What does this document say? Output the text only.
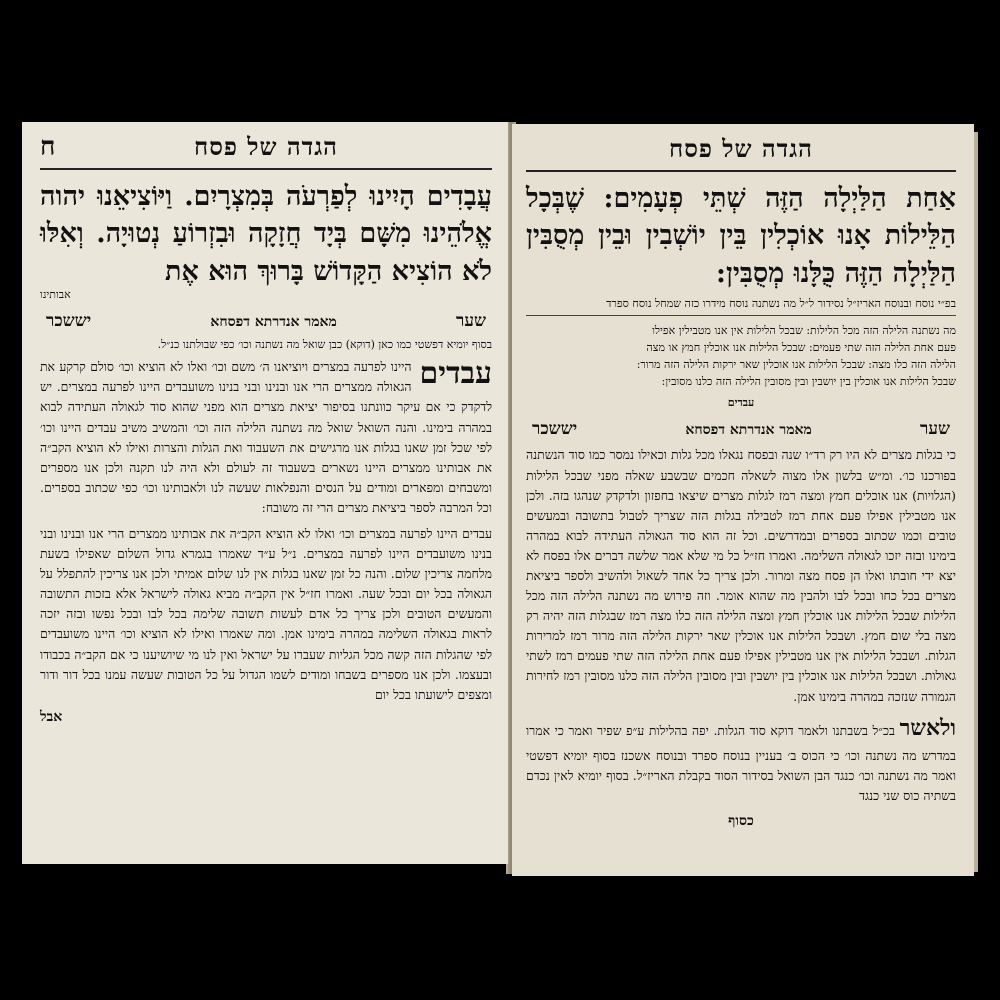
הגדה של פסח
ח

עֲבָדִים הָיִינוּ לְפַרְעֹה בְּמִצְרָיִם. וַיּוֹצִיאֵנוּ יהוה אֱלֹהֵינוּ מִשָּׁם בְּיָד חֲזָקָה וּבִזְרוֹעַ נְטוּיָה. וְאִלּוּ לֹא הוֹצִיא הַקָּדוֹשׁ בָּרוּךְ הוּא אֶת

אבותינו
שער
מאמר אנדרתא דפסחא
יששכר

בסוף יומיא דפשטי כמו כאן (דוקא) כבן שואל מה נשתנה וכו׳ כפי שבולתנו כנ״ל.

עבדים
היינו לפרעה במצרים ויוציאנו ה׳ משם וכו׳ ואלו לא הוציא וכו׳ סולם קרקע את הגאולה ממצרים הרי אנו ובנינו ובני בנינו משועבדים היינו לפרעה במצרים. יש לדקדק כי אם עיקר כוונתנו בסיפור יציאת מצרים הוא מפני שהוא סוד לגאולה העתידה לבוא במהרה בימינו. והנה השואל שואל מה נשתנה הלילה הזה וכו׳ והמשיב משיב עבדים היינו וכו׳ לפי שכל זמן שאנו בגלות אנו מרגישים את השעבוד ואת הגלות והצרות ואילו לא הוציא הקב״ה את אבותינו ממצרים היינו נשארים בשעבוד זה לעולם ולא היה לנו תקנה ולכן אנו מספרים ומשבחים ומפארים ומודים על הנסים והנפלאות שעשה לנו ולאבותינו וכו׳ כפי שכתוב בספרים. וכל המרבה לספר ביציאת מצרים הרי זה משובח:

עבדים היינו לפרעה במצרים וכו׳ ואלו לא הוציא הקב״ה את אבותינו ממצרים הרי אנו ובנינו ובני בנינו משועבדים היינו לפרעה במצרים. נ״ל ע״ד שאמרו בגמרא גדול השלום שאפילו בשעת מלחמה צריכין שלום. והנה כל זמן שאנו בגלות אין לנו שלום אמיתי ולכן אנו צריכין להתפלל על הגאולה בכל יום ובכל שעה. ואמרו חז״ל אין הקב״ה מביא גאולה לישראל אלא בזכות התשובה והמעשים הטובים ולכן צריך כל אדם לעשות תשובה שלימה בכל לבו ובכל נפשו ובזה יזכה לראות בגאולה השלימה במהרה בימינו אמן. ומה שאמרו ואילו לא הוציא וכו׳ היינו משועבדים לפי שהגלות הזה קשה מכל הגליות שעברו על ישראל ואין לנו מי שיושיענו כי אם הקב״ה בכבודו ובעצמו. ולכן אנו מספרים בשבחו ומודים לשמו הגדול על כל הטובות שעשה עמנו בכל דור ודור ומצפים לישועתו בכל יום

אבל
הגדה של פסח

אַחַת הַלַּיְלָה הַזֶּה שְׁתֵּי פְעָמִים: שֶׁבְּכָל הַלֵּילוֹת אָנוּ אוֹכְלִין בֵּין יוֹשְׁבִין וּבֵין מְסֻבִּין הַלַּיְלָה הַזֶּה כֻּלָּנוּ מְסֻבִּין:

בפ״י נוסח ובנוסח האריז״ל נסידור ל״ל מה נשתנה נוסח מידרו כזה שמחל נוסח ספרד

מה נשתנה הלילה הזה מכל הלילות: שבכל הלילות אין אנו מטבילין אפילו
פעם אחת הלילה הזה שתי פעמים: שבכל הלילות אנו אוכלין חמץ או מצה
הלילה הזה כלו מצה: שבכל הלילות אנו אוכלין שאר ירקות הלילה הזה מרור:
שבכל הלילות אנו אוכלין בין יושבין ובין מסובין הלילה הזה כלנו מסובין:
עבדים
שער
מאמר אנדרתא דפסחא
יששכר

כי בגלות מצרים לא היו רק רד״ו שנה ובפסח נגאלו מכל גלות וכאילו נמסר כמו סוד הנשתנה בפורכנו כו׳. ומ״ש בלשון אלו מצוה לשאלה חכמים שבשבע שאלה מפני שבכל הלילות (הגלויות) אנו אוכלים חמץ ומצה רמז לגלות מצרים שיצאו בחפזון ולדקדק שנהגו בזה. ולכן אנו מטבילין אפילו פעם אחת רמז לטבילה בגלות הזה שצריך לטבול בתשובה ובמעשים טובים וכמו שכתוב בספרים ובמדרשים. וכל זה הוא סוד הגאולה העתידה לבוא במהרה בימינו ובזה יזכו לגאולה השלימה. ואמרו חז״ל כל מי שלא אמר שלשה דברים אלו בפסח לא יצא ידי חובתו ואלו הן פסח מצה ומרור. ולכן צריך כל אחד לשאול ולהשיב ולספר ביציאת מצרים בכל כחו ובכל לבו ולהבין מה שהוא אומר. וזה פירוש מה נשתנה הלילה הזה מכל הלילות שבכל הלילות אנו אוכלין חמץ ומצה הלילה הזה כלו מצה רמז שבגלות הזה יהיה רק מצה בלי שום חמץ. ושבכל הלילות אנו אוכלין שאר ירקות הלילה הזה מרור רמז למרירות הגלות. ושבכל הלילות אין אנו מטבילין אפילו פעם אחת הלילה הזה שתי פעמים רמז לשתי גאולות. ושבכל הלילות אנו אוכלין בין יושבין ובין מסובין הלילה הזה כלנו מסובין רמז לחירות הגמורה שנזכה במהרה בימינו אמן.

ולאשר בכ״ל בשבתנו ולאמר דוקא סוד הגלות. יפה בהלילות ע״פ שפיר ואמר כי אמרו במדרש מה נשתנה וכו׳ כי הכוס ב׳ בעניין בנוסח ספרד ובנוסח אשכנז בסוף יומיא דפשטי ואמר מה נשתנה וכו׳ כנגד הבן השואל בסידור הסוד בקבלת האריז״ל. בסוף יומיא לאין נכדם בשתיה כוס שני כנגד

כסוף
